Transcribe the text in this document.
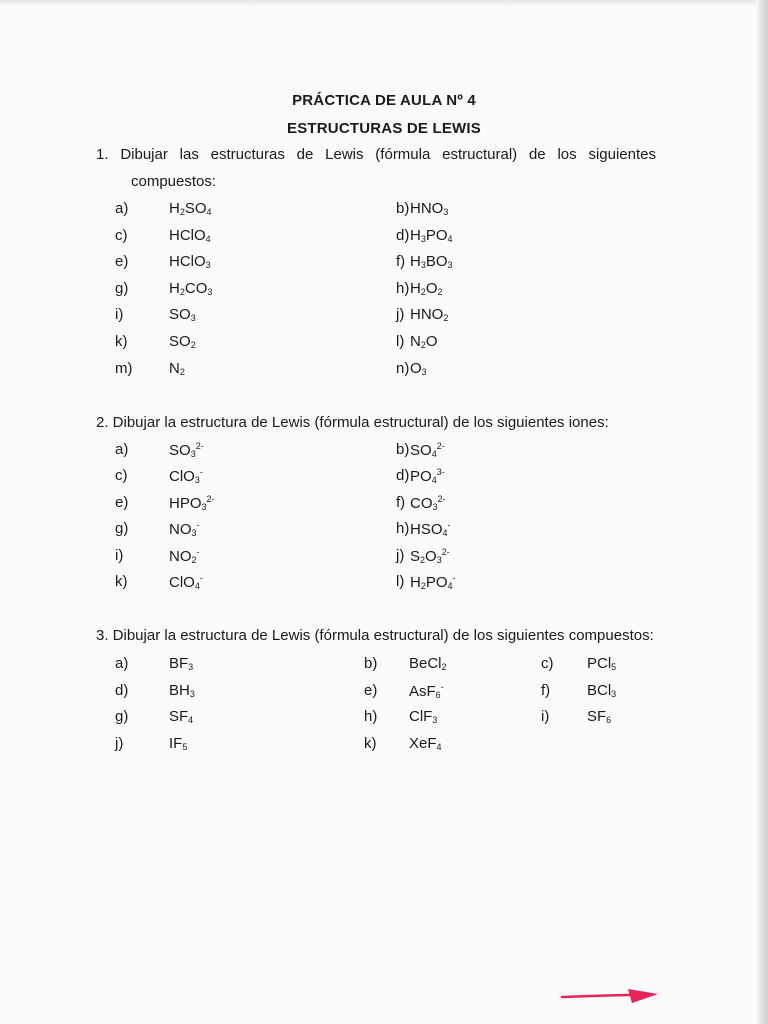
PRÁCTICA DE AULA Nº 4
ESTRUCTURAS DE LEWIS
1. Dibujar las estructuras de Lewis (fórmula estructural) de los siguientes
compuestos:
a)	$H_2SO_4$	b) $HNO_3$
c)	HClO$_4$	d) $H_3PO_4$
e)	HClO$_3$	f) $H_3BO_3$
g)	$H_2CO_3$	h) $H_2O_2$
i)	$SO_3$	j) $HNO_2$
k)	$SO_2$	l) $N_2O$
m)	$N_2$	n) $O_3$
2. Dibujar la estructura de Lewis (fórmula estructural) de los siguientes iones:
a)	$SO_3^{2-}$	b) $SO_4^{2-}$
c)	ClO$_3$-	d) $PO_4^{3-}$
e)	$HPO_3^{2-}$	f) $CO_3^{2-}$
g)	$NO_3^-$	h) $HSO_4^-$
i)	$NO_2^-$	j) $S_2O_3^{2-}$
k)	ClO$_4$-	l) $H_2PO_4^-$
3. Dibujar la estructura de Lewis (fórmula estructural) de los siguientes compuestos:
a)	$BF_3$	b)	BeCl$_2$	c)	PCl$_5$
d)	$BH_3$	e)	AsF$_6$-	f)	BCl$_3$
g)	$SF_4$	h)	ClF$_3$	i)	$SF_6$
j)	$IF_5$	k)	XeF$_4$
